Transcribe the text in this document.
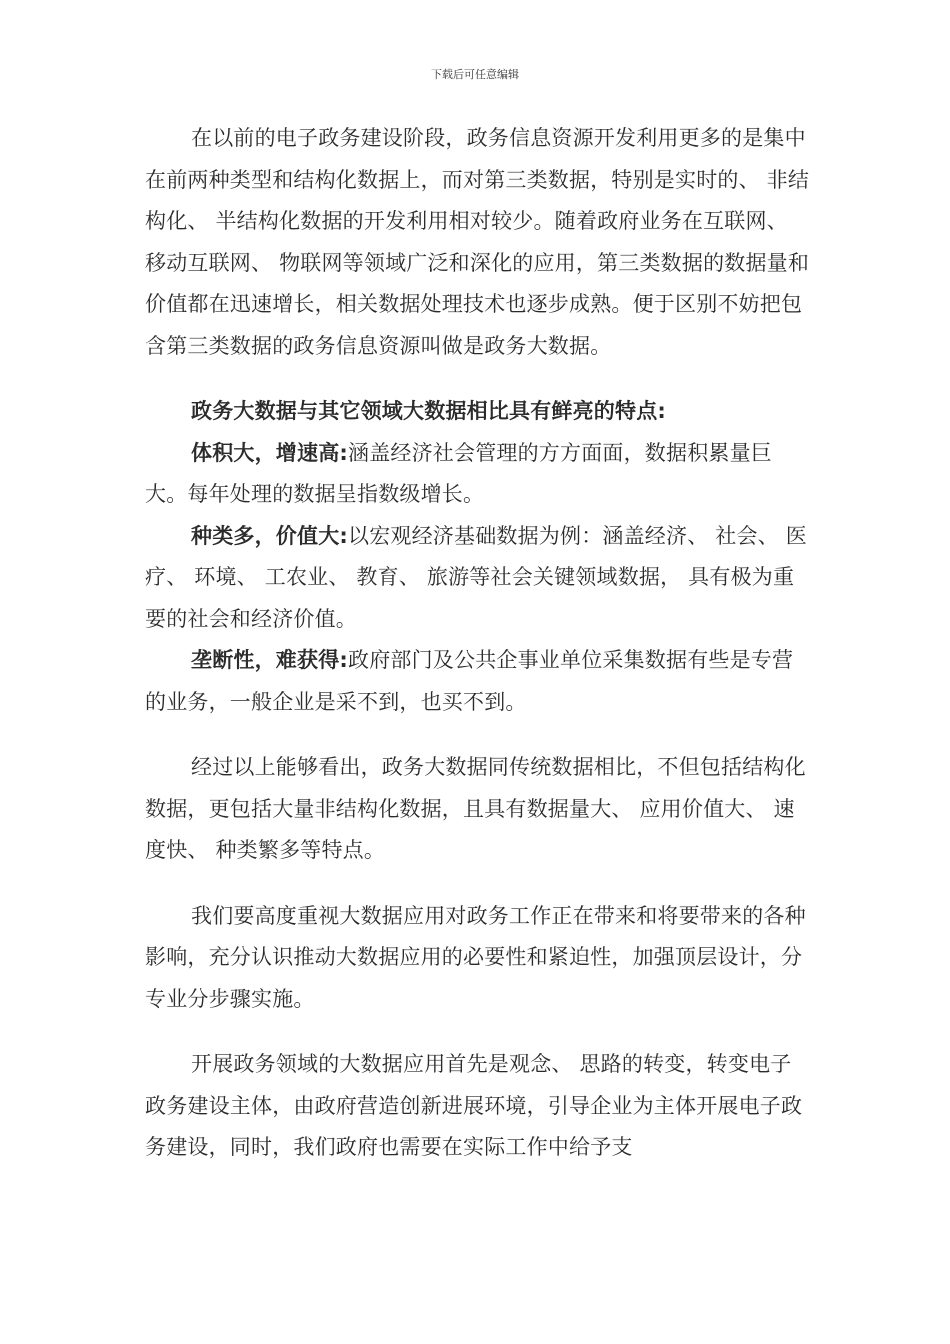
下载后可任意编辑

在以前的电子政务建设阶段，政务信息资源开发利用更多的是集中在前两种类型和结构化数据上，而对第三类数据，特别是实时的、 非结构化、 半结构化数据的开发利用相对较少。随着政府业务在互联网、 移动互联网、 物联网等领域广泛和深化的应用，第三类数据的数据量和价值都在迅速增长，相关数据处理技术也逐步成熟。便于区别不妨把包含第三类数据的政务信息资源叫做是政务大数据。

政务大数据与其它领域大数据相比具有鲜亮的特点:

体积大，增速高:涵盖经济社会管理的方方面面，数据积累量巨大。每年处理的数据呈指数级增长。

种类多，价值大:以宏观经济基础数据为例：涵盖经济、 社会、 医疗、 环境、 工农业、 教育、 旅游等社会关键领域数据， 具有极为重要的社会和经济价值。

垄断性，难获得:政府部门及公共企事业单位采集数据有些是专营的业务，一般企业是采不到，也买不到。

经过以上能够看出，政务大数据同传统数据相比，不但包括结构化数据，更包括大量非结构化数据，且具有数据量大、 应用价值大、 速度快、 种类繁多等特点。

我们要高度重视大数据应用对政务工作正在带来和将要带来的各种影响，充分认识推动大数据应用的必要性和紧迫性，加强顶层设计，分专业分步骤实施。

开展政务领域的大数据应用首先是观念、 思路的转变，转变电子政务建设主体，由政府营造创新进展环境，引导企业为主体开展电子政务建设，同时，我们政府也需要在实际工作中给予支
